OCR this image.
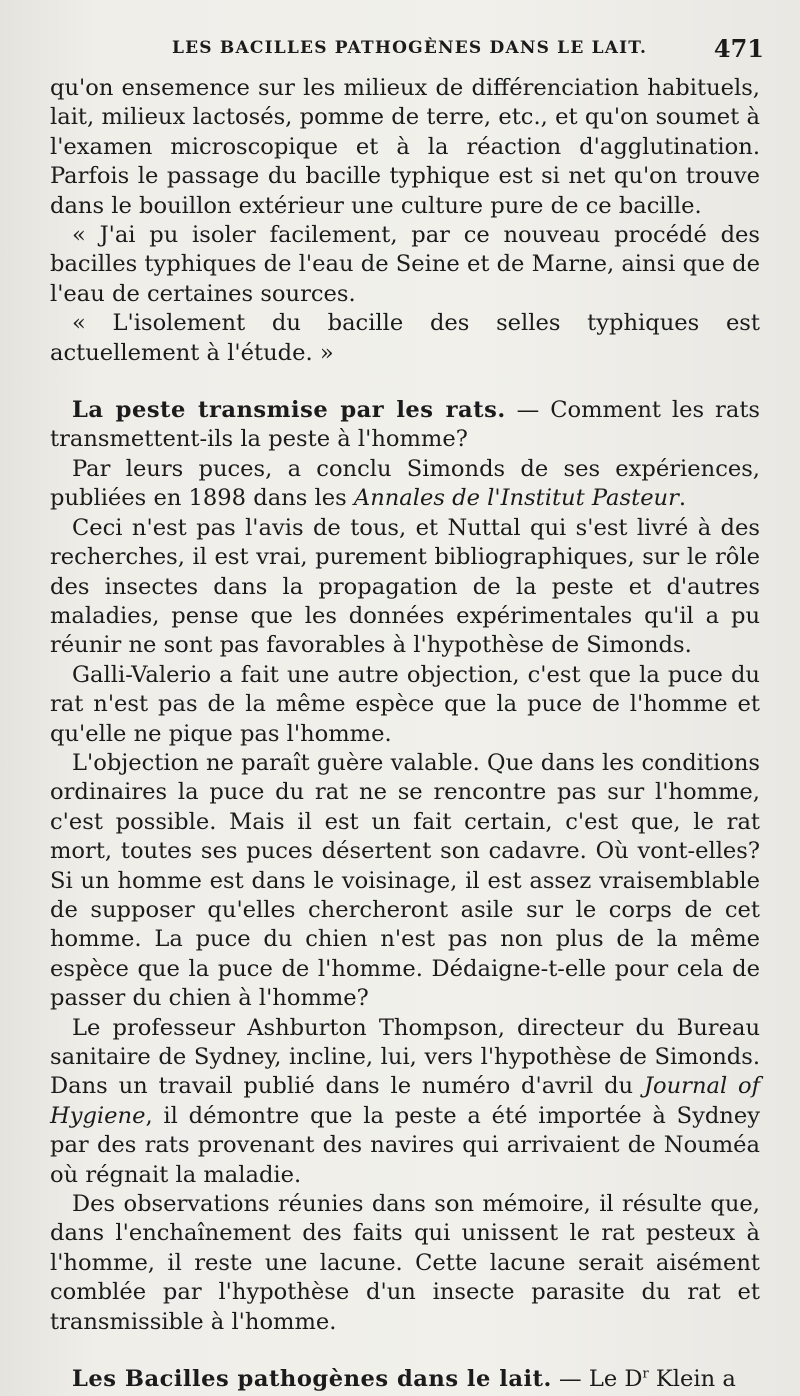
LES BACILLES PATHOGÈNES DANS LE LAIT.	471

qu'on ensemence sur les milieux de différenciation habituels, lait, milieux lactosés, pomme de terre, etc., et qu'on soumet à l'examen microscopique et à la réaction d'agglutination. Parfois le passage du bacille typhique est si net qu'on trouve dans le bouillon extérieur une culture pure de ce bacille.

« J'ai pu isoler facilement, par ce nouveau procédé des bacilles typhiques de l'eau de Seine et de Marne, ainsi que de l'eau de certaines sources.

« L'isolement du bacille des selles typhiques est actuellement à l'étude. »

La peste transmise par les rats. — Comment les rats transmettent-ils la peste à l'homme?

Par leurs puces, a conclu Simonds de ses expériences, publiées en 1898 dans les Annales de l'Institut Pasteur.

Ceci n'est pas l'avis de tous, et Nuttal qui s'est livré à des recherches, il est vrai, purement bibliographiques, sur le rôle des insectes dans la propagation de la peste et d'autres maladies, pense que les données expérimentales qu'il a pu réunir ne sont pas favorables à l'hypothèse de Simonds.

Galli-Valerio a fait une autre objection, c'est que la puce du rat n'est pas de la même espèce que la puce de l'homme et qu'elle ne pique pas l'homme.

L'objection ne paraît guère valable. Que dans les conditions ordinaires la puce du rat ne se rencontre pas sur l'homme, c'est possible. Mais il est un fait certain, c'est que, le rat mort, toutes ses puces désertent son cadavre. Où vont-elles? Si un homme est dans le voisinage, il est assez vraisemblable de supposer qu'elles chercheront asile sur le corps de cet homme. La puce du chien n'est pas non plus de la même espèce que la puce de l'homme. Dédaigne-t-elle pour cela de passer du chien à l'homme?

Le professeur Ashburton Thompson, directeur du Bureau sanitaire de Sydney, incline, lui, vers l'hypothèse de Simonds. Dans un travail publié dans le numéro d'avril du Journal of Hygiene, il démontre que la peste a été importée à Sydney par des rats provenant des navires qui arrivaient de Nouméa où régnait la maladie.

Des observations réunies dans son mémoire, il résulte que, dans l'enchaînement des faits qui unissent le rat pesteux à l'homme, il reste une lacune. Cette lacune serait aisément comblée par l'hypothèse d'un insecte parasite du rat et transmissible à l'homme.

Les Bacilles pathogènes dans le lait. — Le $D^r$ Klein a
